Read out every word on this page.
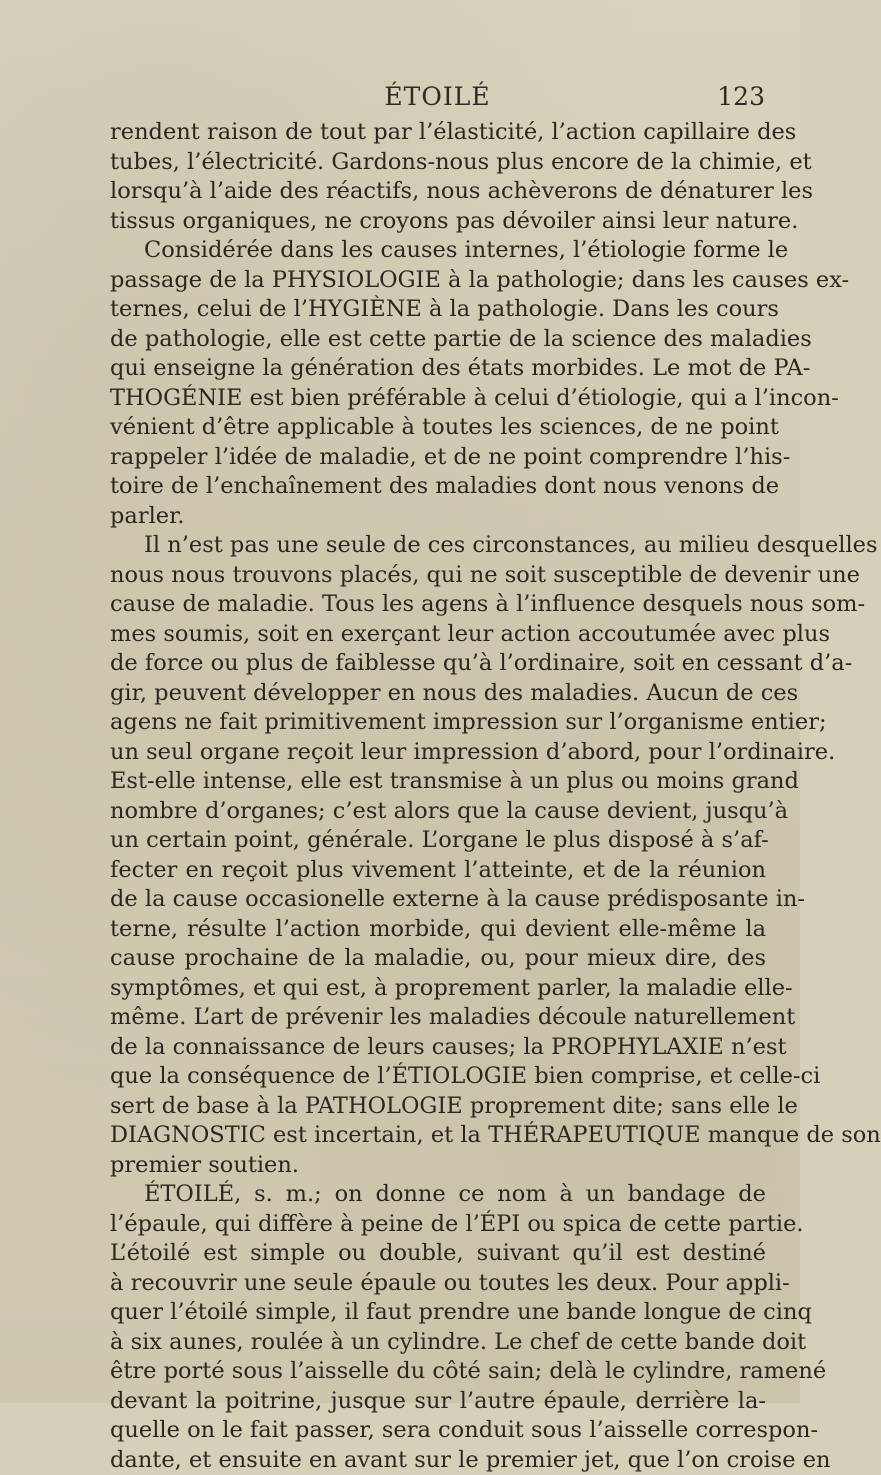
ÉTOILÉ	123
rendent raison de tout par l’élasticité, l’action capillaire des
tubes, l’électricité. Gardons-nous plus encore de la chimie, et
lorsqu’à l’aide des réactifs, nous achèverons de dénaturer les
tissus organiques, ne croyons pas dévoiler ainsi leur nature.
Considérée dans les causes internes, l’étiologie forme le
passage de la PHYSIOLOGIE à la pathologie; dans les causes ex-
ternes, celui de l’HYGIÈNE à la pathologie. Dans les cours
de pathologie, elle est cette partie de la science des maladies
qui enseigne la génération des états morbides. Le mot de PA-
THOGÉNIE est bien préférable à celui d’étiologie, qui a l’incon-
vénient d’être applicable à toutes les sciences, de ne point
rappeler l’idée de maladie, et de ne point comprendre l’his-
toire de l’enchaînement des maladies dont nous venons de
parler.
Il n’est pas une seule de ces circonstances, au milieu desquelles
nous nous trouvons placés, qui ne soit susceptible de devenir une
cause de maladie. Tous les agens à l’influence desquels nous som-
mes soumis, soit en exerçant leur action accoutumée avec plus
de force ou plus de faiblesse qu’à l’ordinaire, soit en cessant d’a-
gir, peuvent développer en nous des maladies. Aucun de ces
agens ne fait primitivement impression sur l’organisme entier;
un seul organe reçoit leur impression d’abord, pour l’ordinaire.
Est-elle intense, elle est transmise à un plus ou moins grand
nombre d’organes; c’est alors que la cause devient, jusqu’à
un certain point, générale. L’organe le plus disposé à s’af-
fecter en reçoit plus vivement l’atteinte, et de la réunion
de la cause occasionelle externe à la cause prédisposante in-
terne, résulte l’action morbide, qui devient elle-même la
cause prochaine de la maladie, ou, pour mieux dire, des
symptômes, et qui est, à proprement parler, la maladie elle-
même. L’art de prévenir les maladies découle naturellement
de la connaissance de leurs causes; la PROPHYLAXIE n’est
que la conséquence de l’ÉTIOLOGIE bien comprise, et celle-ci
sert de base à la PATHOLOGIE proprement dite; sans elle le
DIAGNOSTIC est incertain, et la THÉRAPEUTIQUE manque de son
premier soutien.
ÉTOILÉ, s. m.; on donne ce nom à un bandage de
l’épaule, qui diffère à peine de l’ÉPI ou spica de cette partie.
L’étoilé est simple ou double, suivant qu’il est destiné
à recouvrir une seule épaule ou toutes les deux. Pour appli-
quer l’étoilé simple, il faut prendre une bande longue de cinq
à six aunes, roulée à un cylindre. Le chef de cette bande doit
être porté sous l’aisselle du côté sain; delà le cylindre, ramené
devant la poitrine, jusque sur l’autre épaule, derrière la-
quelle on le fait passer, sera conduit sous l’aisselle correspon-
dante, et ensuite en avant sur le premier jet, que l’on croise en
